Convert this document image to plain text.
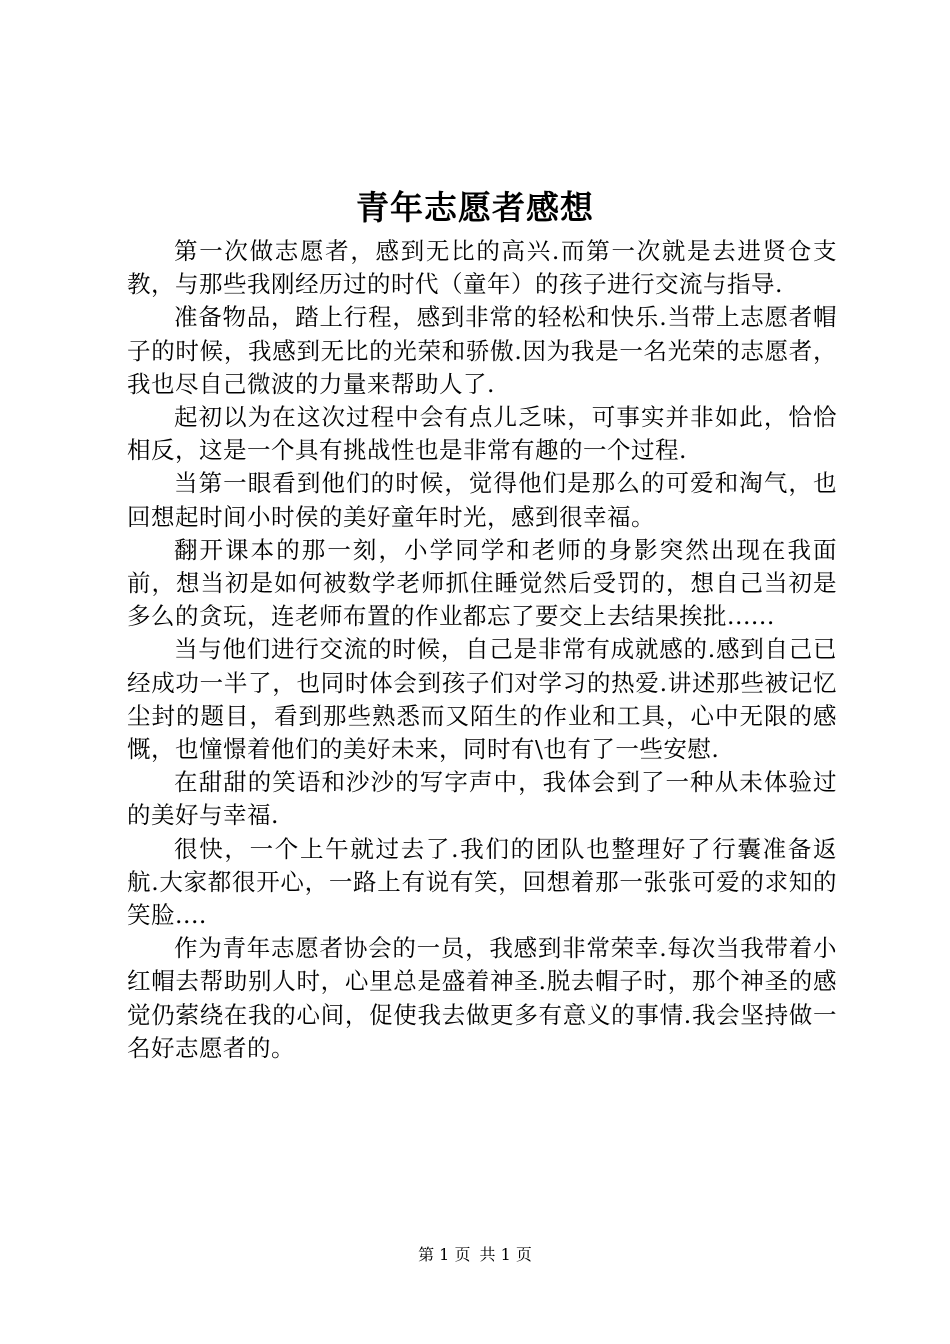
青年志愿者感想

第一次做志愿者，感到无比的高兴.而第一次就是去进贤仓支教，与那些我刚经历过的时代（童年）的孩子进行交流与指导.

准备物品，踏上行程，感到非常的轻松和快乐.当带上志愿者帽子的时候，我感到无比的光荣和骄傲.因为我是一名光荣的志愿者，我也尽自己微波的力量来帮助人了.

起初以为在这次过程中会有点儿乏味，可事实并非如此，恰恰相反，这是一个具有挑战性也是非常有趣的一个过程.

当第一眼看到他们的时候，觉得他们是那么的可爱和淘气，也回想起时间小时侯的美好童年时光，感到很幸福。

翻开课本的那一刻，小学同学和老师的身影突然出现在我面前，想当初是如何被数学老师抓住睡觉然后受罚的，想自己当初是多么的贪玩，连老师布置的作业都忘了要交上去结果挨批......

当与他们进行交流的时候，自己是非常有成就感的.感到自己已经成功一半了，也同时体会到孩子们对学习的热爱.讲述那些被记忆尘封的题目，看到那些熟悉而又陌生的作业和工具，心中无限的感慨，也憧憬着他们的美好未来，同时有\也有了一些安慰.

在甜甜的笑语和沙沙的写字声中，我体会到了一种从未体验过的美好与幸福.

很快，一个上午就过去了.我们的团队也整理好了行囊准备返航.大家都很开心，一路上有说有笑，回想着那一张张可爱的求知的笑脸....

作为青年志愿者协会的一员，我感到非常荣幸.每次当我带着小红帽去帮助别人时，心里总是盛着神圣.脱去帽子时，那个神圣的感觉仍萦绕在我的心间，促使我去做更多有意义的事情.我会坚持做一名好志愿者的。

第 1 页 共 1 页
